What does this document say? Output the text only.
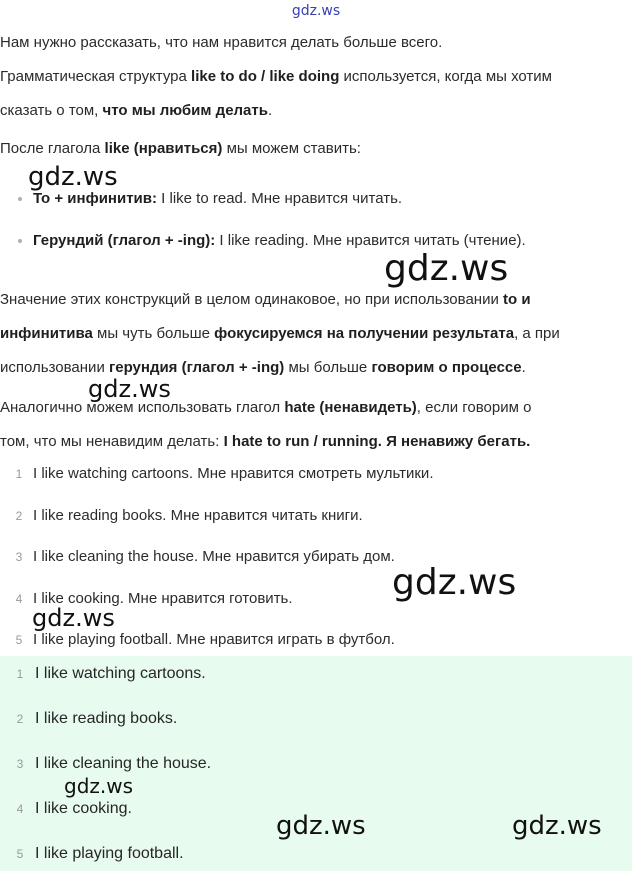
gdz.ws
Нам нужно рассказать, что нам нравится делать больше всего.
Грамматическая структура like to do / like doing используется, когда мы хотим
сказать о том, что мы любим делать.
После глагола like (нравиться) мы можем ставить:
To + инфинитив: I like to read. Мне нравится читать.
Герундий (глагол + -ing): I like reading. Мне нравится читать (чтение).
Значение этих конструкций в целом одинаковое, но при использовании to и
инфинитива мы чуть больше фокусируемся на получении результата, а при
использовании герундия (глагол + -ing) мы больше говорим о процессе.
Аналогично можем использовать глагол hate (ненавидеть), если говорим о
том, что мы ненавидим делать: I hate to run / running. Я ненавижу бегать.
1 I like watching cartoons. Мне нравится смотреть мультики.
2 I like reading books. Мне нравится читать книги.
3 I like cleaning the house. Мне нравится убирать дом.
4 I like cooking. Мне нравится готовить.
5 I like playing football. Мне нравится играть в футбол.
1 I like watching cartoons.
2 I like reading books.
3 I like cleaning the house.
4 I like cooking.
5 I like playing football.
gdz.ws
gdz.ws
gdz.ws
gdz.ws
gdz.ws
gdz.ws
gdz.ws	gdz.ws
